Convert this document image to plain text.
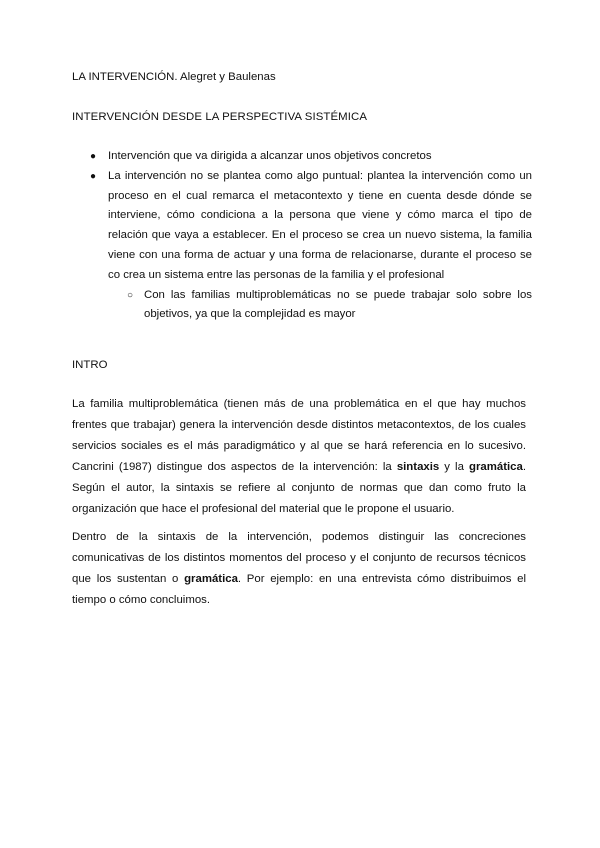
LA INTERVENCIÓN. Alegret y Baulenas
INTERVENCIÓN DESDE LA PERSPECTIVA SISTÉMICA
● Intervención que va dirigida a alcanzar unos objetivos concretos
● La intervención no se plantea como algo puntual: plantea la intervención como un proceso en el cual remarca el metacontexto y tiene en cuenta desde dónde se interviene, cómo condiciona a la persona que viene y cómo marca el tipo de relación que vaya a establecer. En el proceso se crea un nuevo sistema, la familia viene con una forma de actuar y una forma de relacionarse, durante el proceso se co crea un sistema entre las personas de la familia y el profesional
○ Con las familias multiproblemáticas no se puede trabajar solo sobre los objetivos, ya que la complejidad es mayor
INTRO
La familia multiproblemática (tienen más de una problemática en el que hay muchos frentes que trabajar) genera la intervención desde distintos metacontextos, de los cuales servicios sociales es el más paradigmático y al que se hará referencia en lo sucesivo. Cancrini (1987) distingue dos aspectos de la intervención: la sintaxis y la gramática. Según el autor, la sintaxis se refiere al conjunto de normas que dan como fruto la organización que hace el profesional del material que le propone el usuario.
Dentro de la sintaxis de la intervención, podemos distinguir las concreciones comunicativas de los distintos momentos del proceso y el conjunto de recursos técnicos que los sustentan o gramática. Por ejemplo: en una entrevista cómo distribuimos el tiempo o cómo concluimos.
